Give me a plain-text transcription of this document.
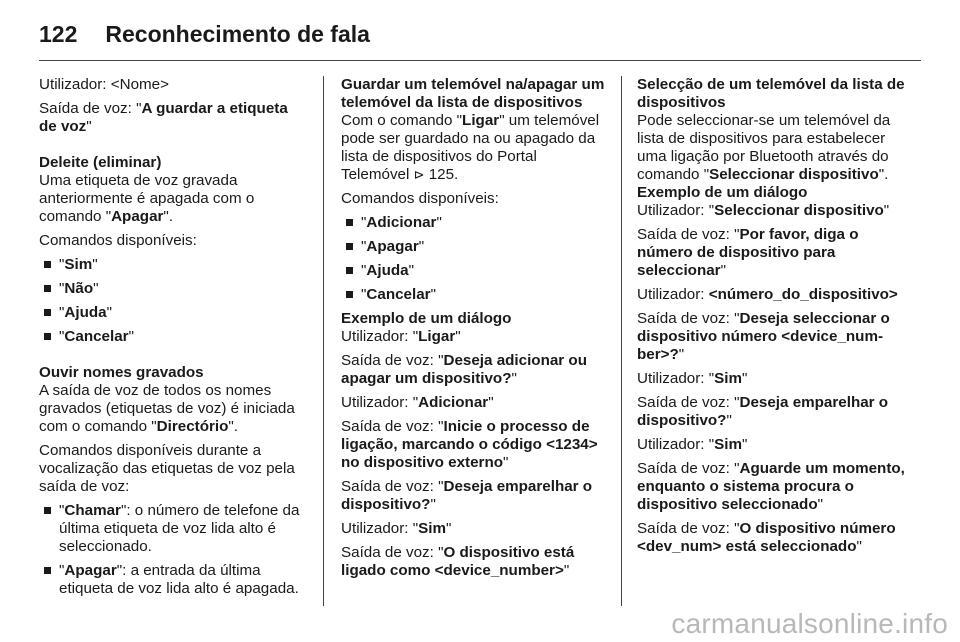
122 Reconhecimento de fala

Utilizador: <Nome>

Saída de voz: "A guardar a etiqueta de voz"

Deleite (eliminar)

Uma etiqueta de voz gravada anteriormente é apagada com o comando "Apagar".

Comandos disponíveis:

"Sim"
"Não"
"Ajuda"
"Cancelar"

Ouvir nomes gravados

A saída de voz de todos os nomes gravados (etiquetas de voz) é iniciada com o comando "Directório".

Comandos disponíveis durante a vocalização das etiquetas de voz pela saída de voz:

"Chamar": o número de telefone da última etiqueta de voz lida alto é seleccionado.
"Apagar": a entrada da última etiqueta de voz lida alto é apagada.

Guardar um telemóvel na/apagar um telemóvel da lista de dispositivos

Com o comando "Ligar" um telemóvel pode ser guardado na ou apagado da lista de dispositivos do Portal Telemóvel ⊳ 125.

Comandos disponíveis:

"Adicionar"
"Apagar"
"Ajuda"
"Cancelar"

Exemplo de um diálogo

Utilizador: "Ligar"

Saída de voz: "Deseja adicionar ou apagar um dispositivo?"

Utilizador: "Adicionar"

Saída de voz: "Inicie o processo de ligação, marcando o código <1234> no dispositivo externo"

Saída de voz: "Deseja emparelhar o dispositivo?"

Utilizador: "Sim"

Saída de voz: "O dispositivo está ligado como <device_number>"

Selecção de um telemóvel da lista de dispositivos

Pode seleccionar-se um telemóvel da lista de dispositivos para estabelecer uma ligação por Bluetooth através do comando "Seleccionar dispositivo".

Exemplo de um diálogo

Utilizador: "Seleccionar dispositivo"

Saída de voz: "Por favor, diga o número de dispositivo para seleccionar"

Utilizador: <número_do_dispositivo>

Saída de voz: "Deseja seleccionar o dispositivo número <device_num-ber>?"

Utilizador: "Sim"

Saída de voz: "Deseja emparelhar o dispositivo?"

Utilizador: "Sim"

Saída de voz: "Aguarde um momento, enquanto o sistema procura o dispositivo seleccionado"

Saída de voz: "O dispositivo número <dev_num> está seleccionado"

carmanualsonline.info
